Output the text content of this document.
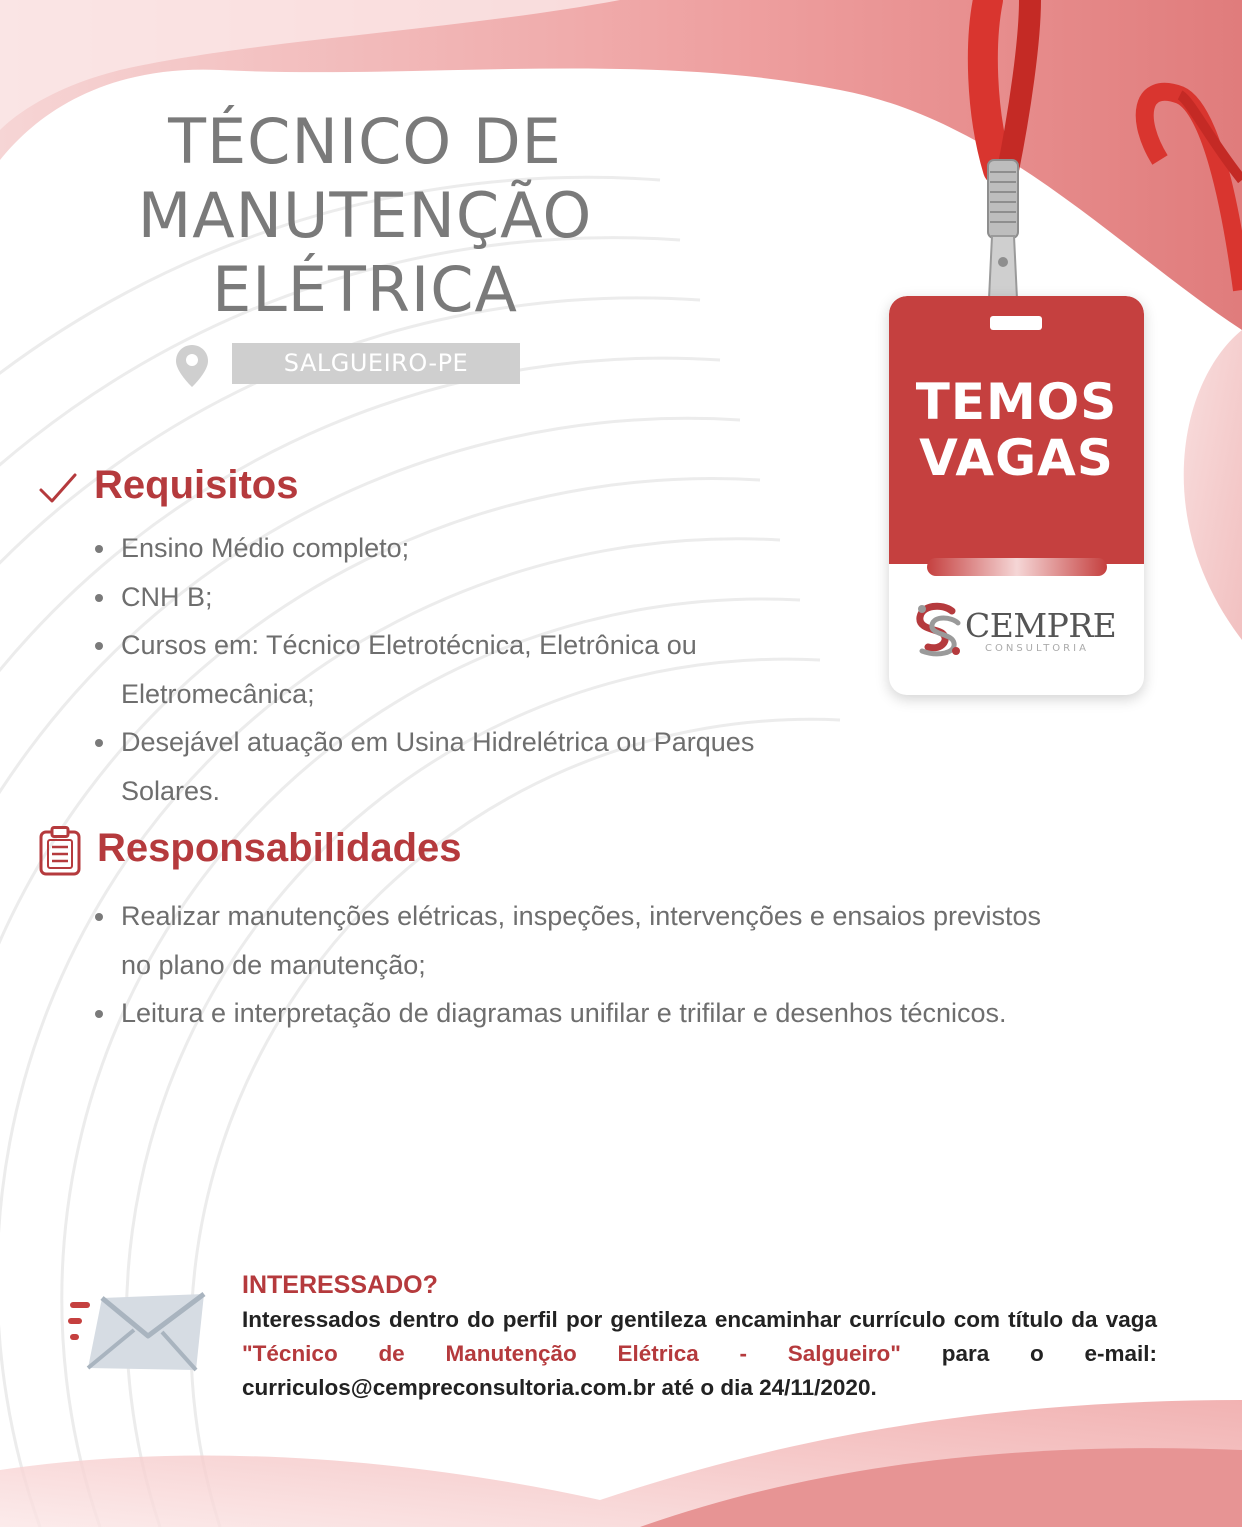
TÉCNICO DE
MANUTENÇÃO
ELÉTRICA
SALGUEIRO-PE
Requisitos
Ensino Médio completo;
CNH B;
Cursos em: Técnico Eletrotécnica, Eletrônica ou Eletromecânica;
Desejável atuação em Usina Hidrelétrica ou Parques Solares.
Responsabilidades
Realizar manutenções elétricas, inspeções, intervenções e ensaios previstos no plano de manutenção;
Leitura e interpretação de diagramas unifilar e trifilar e desenhos técnicos.
TEMOS
VAGAS
CEMPRE
CONSULTORIA
INTERESSADO?
Interessados dentro do perfil por gentileza encaminhar currículo com título da vaga "Técnico de Manutenção Elétrica - Salgueiro" para o e-mail: curriculos@cempreconsultoria.com.br até o dia 24/11/2020.
